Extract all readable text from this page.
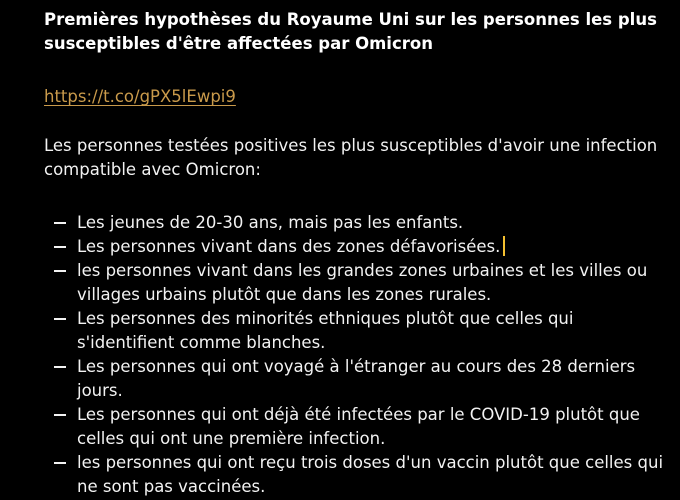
Premières hypothèses du Royaume Uni sur les personnes les plus susceptibles d'être affectées par Omicron

https://t.co/gPX5lEwpi9

Les personnes testées positives les plus susceptibles d'avoir une infection compatible avec Omicron:

Les jeunes de 20-30 ans, mais pas les enfants.
Les personnes vivant dans des zones défavorisées.
les personnes vivant dans les grandes zones urbaines et les villes ou villages urbains plutôt que dans les zones rurales.
Les personnes des minorités ethniques plutôt que celles qui s'identifient comme blanches.
Les personnes qui ont voyagé à l'étranger au cours des 28 derniers jours.
Les personnes qui ont déjà été infectées par le COVID-19 plutôt que celles qui ont une première infection.
les personnes qui ont reçu trois doses d'un vaccin plutôt que celles qui ne sont pas vaccinées.
